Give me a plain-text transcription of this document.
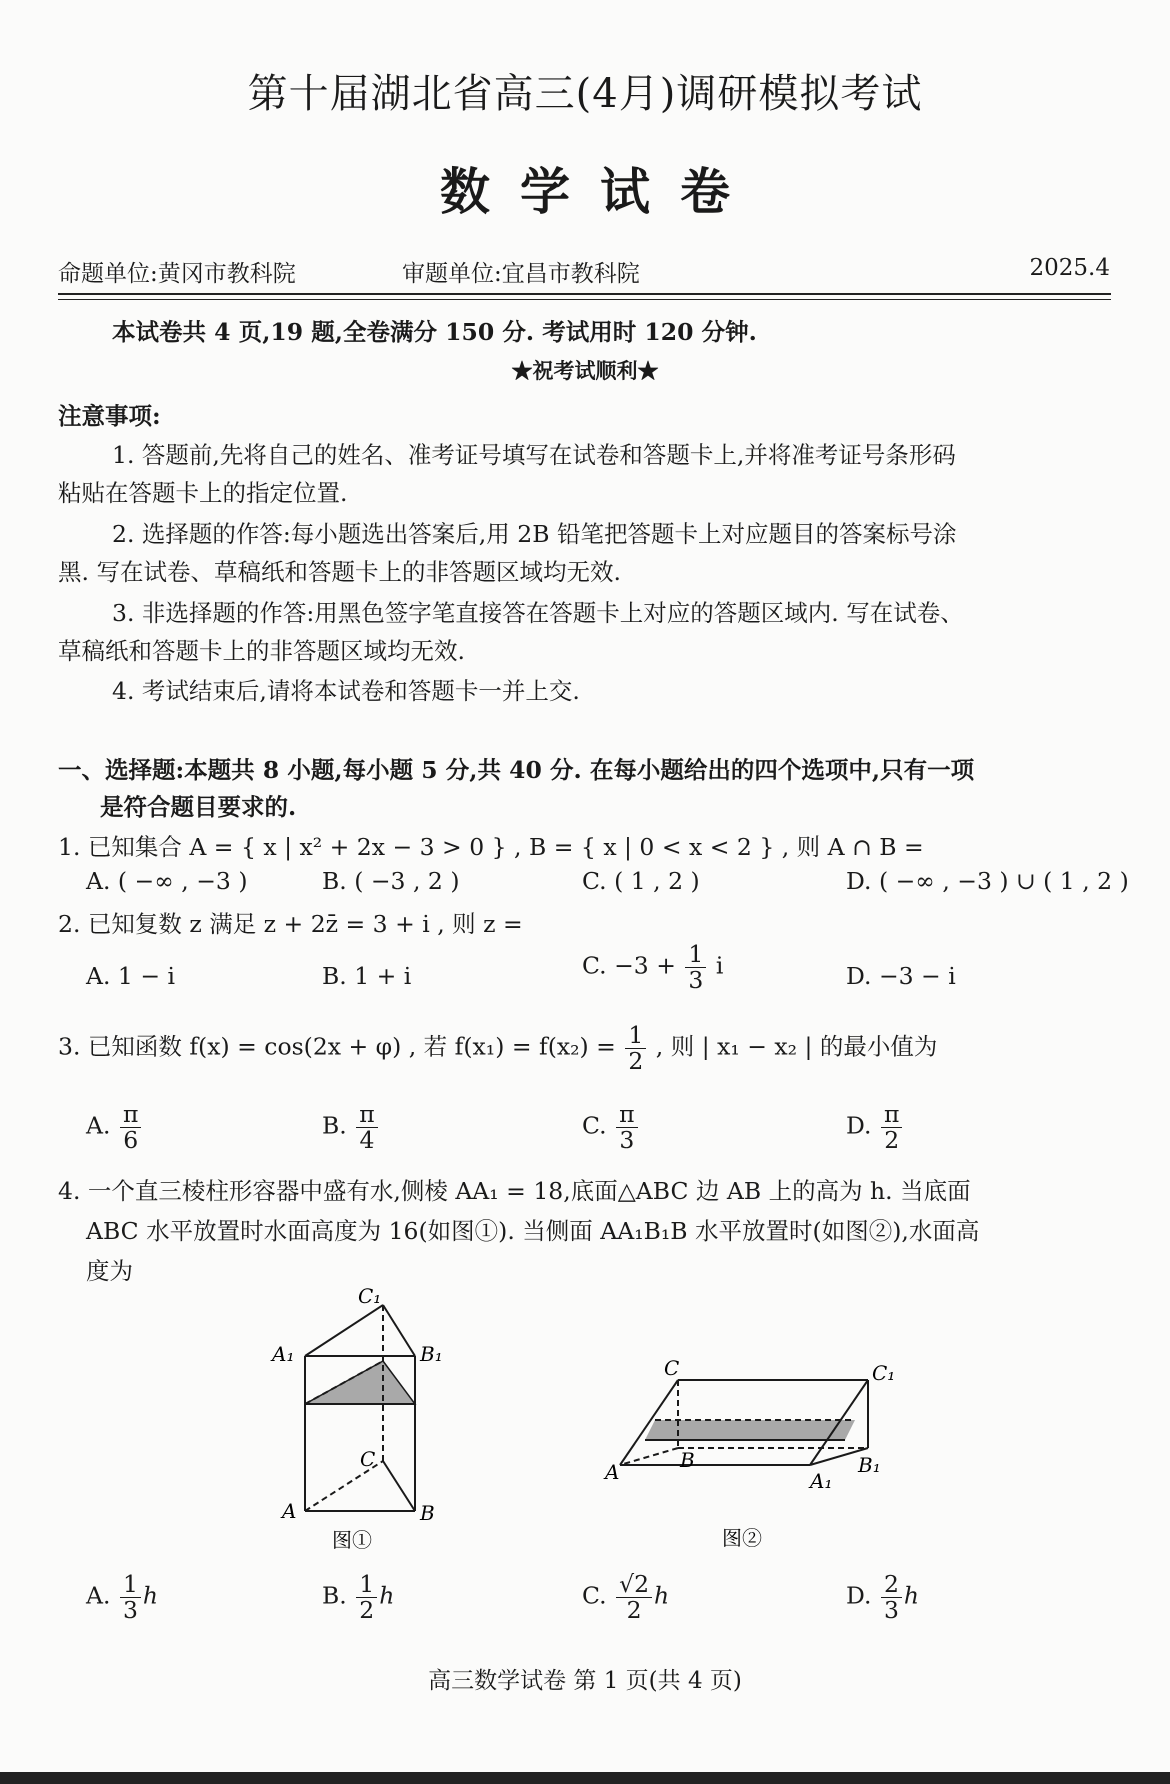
第十届湖北省高三(4月)调研模拟考试
数学试卷
命题单位:黄冈市教科院	审题单位:宜昌市教科院	2025.4
本试卷共 4 页,19 题,全卷满分 150 分. 考试用时 120 分钟.
★祝考试顺利★
注意事项:
1. 答题前,先将自己的姓名、准考证号填写在试卷和答题卡上,并将准考证号条形码
粘贴在答题卡上的指定位置.
2. 选择题的作答:每小题选出答案后,用 2B 铅笔把答题卡上对应题目的答案标号涂
黑. 写在试卷、草稿纸和答题卡上的非答题区域均无效.
3. 非选择题的作答:用黑色签字笔直接答在答题卡上对应的答题区域内. 写在试卷、
草稿纸和答题卡上的非答题区域均无效.
4. 考试结束后,请将本试卷和答题卡一并上交.
一、选择题:本题共 8 小题,每小题 5 分,共 40 分. 在每小题给出的四个选项中,只有一项
是符合题目要求的.
1. 已知集合 A = { x | x² + 2x − 3 > 0 } , B = { x | 0 < x < 2 } , 则 A ∩ B =
A. ( −∞ , −3 )	B. ( −3 , 2 )	C. ( 1 , 2 )	D. ( −∞ , −3 ) ∪ ( 1 , 2 )
2. 已知复数 z 满足 z + 2z̄ = 3 + i , 则 z =
A. 1 − i	B. 1 + i	C. $-3 + \frac{1}{3}$ i	D. −3 − i
3. 已知函数 f(x) = cos(2x + φ) , 若 $f(x_1) = f(x_2) = \frac{1}{2}$ , 则 | x₁ − x₂ | 的最小值为
A. $\frac{\pi}{6}$	B. $\frac{\pi}{4}$	C. $\frac{\pi}{3}$	D. $\frac{\pi}{2}$
4. 一个直三棱柱形容器中盛有水,侧棱 AA₁ = 18,底面△ABC 边 AB 上的高为 h. 当底面
ABC 水平放置时水面高度为 16(如图①). 当侧面 AA₁B₁B 水平放置时(如图②),水面高
度为
C₁
A₁	B₁
C
A	B
图①
C	C₁
B	B₁
A	A₁
图②
A. $\frac{1}{3}$ h	B. $\frac{1}{2}$ h	C. $\frac{√2}{2}$ h	D. $\frac{2}{3}$ h
高三数学试卷 第 1 页(共 4 页)
